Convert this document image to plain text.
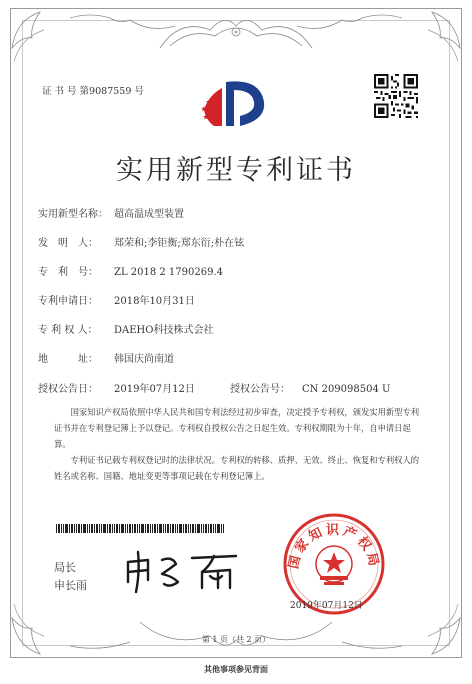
证 书 号 第9087559 号
实用新型专利证书
实用新型名称： 超高温成型装置
发　明　人： 郑荣和;李钜衡;郑东衍;朴在铉
专　利　号： ZL 2018 2 1790269.4
专利申请日： 2018年10月31日
专 利 权 人： DAEHO科技株式会社
地　　　址： 韩国庆尚南道
授权公告日： 2019年07月12日	授权公告号： CN 209098504 U
国家知识产权局依照中华人民共和国专利法经过初步审查，决定授予专利权，颁发实用新型专利证书并在专利登记簿上予以登记。专利权自授权公告之日起生效。专利权期限为十年，自申请日起算。
专利证书记载专利权登记时的法律状况。专利权的转移、质押、无效、终止、恢复和专利权人的姓名或名称、国籍、地址变更等事项记载在专利登记簿上。
局长
申长雨
国家知识产权局
2019年07月12日
第 1 页（共 2 页）
其他事项参见背面
